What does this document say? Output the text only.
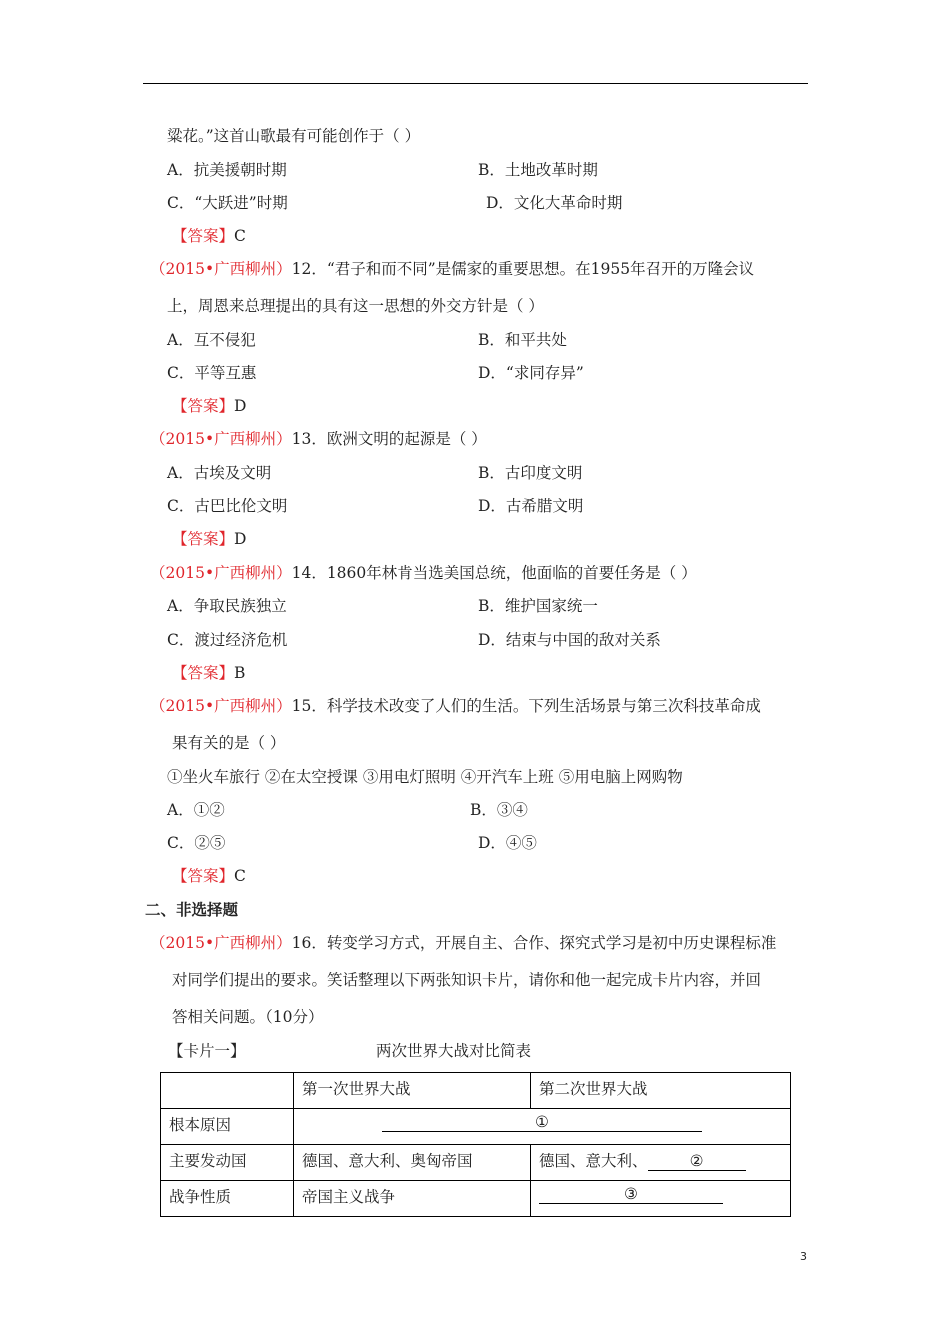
粱花。”这首山歌最有可能创作于（ ）
A．抗美援朝时期	B．土地改革时期
C．“大跃进”时期	D．文化大革命时期
【答案】C
（2015•广西柳州）12．“君子和而不同”是儒家的重要思想。在1955年召开的万隆会议
上，周恩来总理提出的具有这一思想的外交方针是（ ）
A．互不侵犯	B．和平共处
C．平等互惠	D．“求同存异”
【答案】D
（2015•广西柳州）13．欧洲文明的起源是（ ）
A．古埃及文明	B．古印度文明
C．古巴比伦文明	D．古希腊文明
【答案】D
（2015•广西柳州）14．1860年林肯当选美国总统，他面临的首要任务是（ ）
A．争取民族独立	B．维护国家统一
C．渡过经济危机	D．结束与中国的敌对关系
【答案】B
（2015•广西柳州）15．科学技术改变了人们的生活。下列生活场景与第三次科技革命成
果有关的是（ ）
①坐火车旅行 ②在太空授课 ③用电灯照明 ④开汽车上班 ⑤用电脑上网购物
A．①②	B．③④
C．②⑤	D．④⑤
【答案】C
二、非选择题
（2015•广西柳州）16．转变学习方式，开展自主、合作、探究式学习是初中历史课程标准
对同学们提出的要求。笑话整理以下两张知识卡片，请你和他一起完成卡片内容，并回
答相关问题。（10分）
【卡片一】	两次世界大战对比简表
	第一次世界大战	第二次世界大战
根本原因	①	
主要发动国	德国、意大利、奥匈帝国	德国、意大利、 ②
战争性质	帝国主义战争	③
3
